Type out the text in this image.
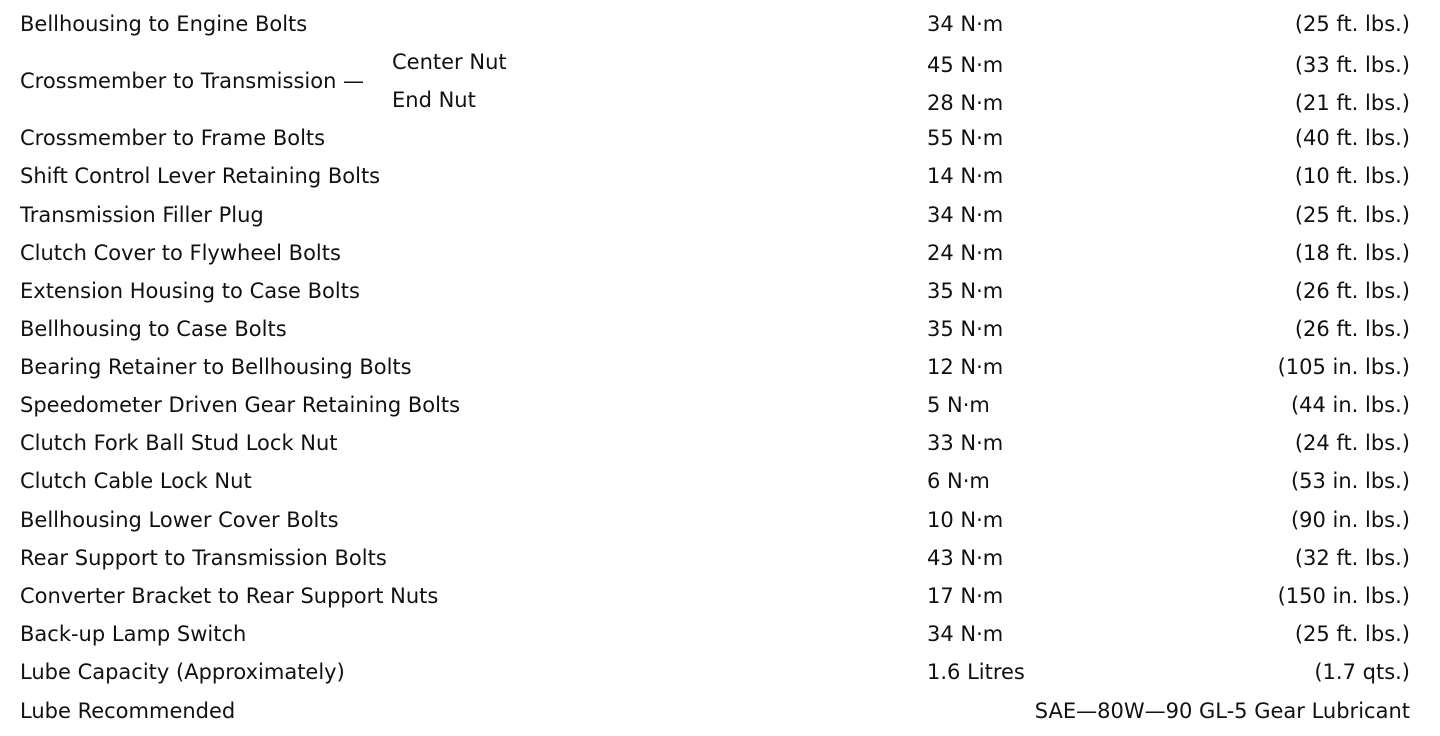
Bellhousing to Engine Bolts	34 N·m	(25 ft. lbs.)
Crossmember to Transmission —
Center Nut	45 N·m	(33 ft. lbs.)
End Nut	28 N·m	(21 ft. lbs.)
Crossmember to Frame Bolts	55 N·m	(40 ft. lbs.)
Shift Control Lever Retaining Bolts	14 N·m	(10 ft. lbs.)
Transmission Filler Plug	34 N·m	(25 ft. lbs.)
Clutch Cover to Flywheel Bolts	24 N·m	(18 ft. lbs.)
Extension Housing to Case Bolts	35 N·m	(26 ft. lbs.)
Bellhousing to Case Bolts	35 N·m	(26 ft. lbs.)
Bearing Retainer to Bellhousing Bolts	12 N·m	(105 in. lbs.)
Speedometer Driven Gear Retaining Bolts	5 N·m	(44 in. lbs.)
Clutch Fork Ball Stud Lock Nut	33 N·m	(24 ft. lbs.)
Clutch Cable Lock Nut	6 N·m	(53 in. lbs.)
Bellhousing Lower Cover Bolts	10 N·m	(90 in. lbs.)
Rear Support to Transmission Bolts	43 N·m	(32 ft. lbs.)
Converter Bracket to Rear Support Nuts	17 N·m	(150 in. lbs.)
Back-up Lamp Switch	34 N·m	(25 ft. lbs.)
Lube Capacity (Approximately)	1.6 Litres	(1.7 qts.)
Lube Recommended	SAE—80W—90 GL-5 Gear Lubricant
